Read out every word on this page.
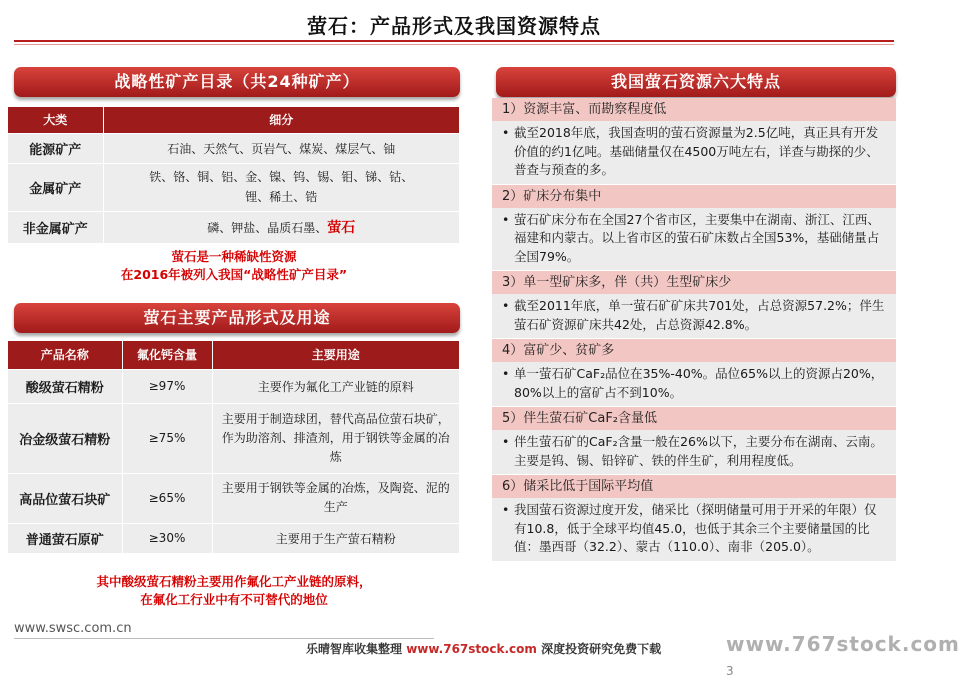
萤石：产品形式及我国资源特点
战略性矿产目录（共24种矿产）
大类	细分
能源矿产	石油、天然气、页岩气、煤炭、煤层气、铀
金属矿产	铁、铬、铜、铝、金、镍、钨、锡、钼、锑、钴、
锂、稀土、锆

非金属矿产	磷、钾盐、晶质石墨、萤石
萤石是一种稀缺性资源
在2016年被列入我国“战略性矿产目录”
萤石主要产品形式及用途
产品名称	氟化钙含量	主要用途
酸级萤石精粉	≥97%	主要作为氟化工产业链的原料
冶金级萤石精粉	≥75%	主要用于制造球团，替代高品位萤石块矿，作为助溶剂、排渣剂，用于钢铁等金属的冶炼
高品位萤石块矿	≥65%	主要用于钢铁等金属的冶炼，及陶瓷、泥的生产
普通萤石原矿	≥30%	主要用于生产萤石精粉
其中酸级萤石精粉主要用作氟化工产业链的原料，
在氟化工行业中有不可替代的地位
我国萤石资源六大特点
1）资源丰富、而勘察程度低
• 截至2018年底，我国查明的萤石资源量为2.5亿吨，真正具有开发价值的约1亿吨。基础储量仅在4500万吨左右，详查与勘探的少、普查与预查的多。
2）矿床分布集中
• 萤石矿床分布在全国27个省市区，主要集中在湖南、浙江、江西、福建和内蒙古。以上省市区的萤石矿床数占全国53%，基础储量占全国79%。
3）单一型矿床多，伴（共）生型矿床少
• 截至2011年底，单一萤石矿矿床共701处，占总资源57.2%；伴生萤石矿资源矿床共42处，占总资源42.8%。
4）富矿少、贫矿多
• 单一萤石矿CaF₂品位在35%-40%。品位65%以上的资源占20%，80%以上的富矿占不到10%。
5）伴生萤石矿CaF₂含量低
• 伴生萤石矿的CaF₂含量一般在26%以下，主要分布在湖南、云南。主要是钨、锡、铅锌矿、铁的伴生矿，利用程度低。
6）储采比低于国际平均值
• 我国萤石资源过度开发，储采比（探明储量可用于开采的年限）仅有10.8，低于全球平均值45.0，也低于其余三个主要储量国的比值：墨西哥（32.2）、蒙古（110.0）、南非（205.0）。
www.swsc.com.cn
乐晴智库收集整理 www.767stock.com 深度投资研究免费下载	www.767stock.com 3
